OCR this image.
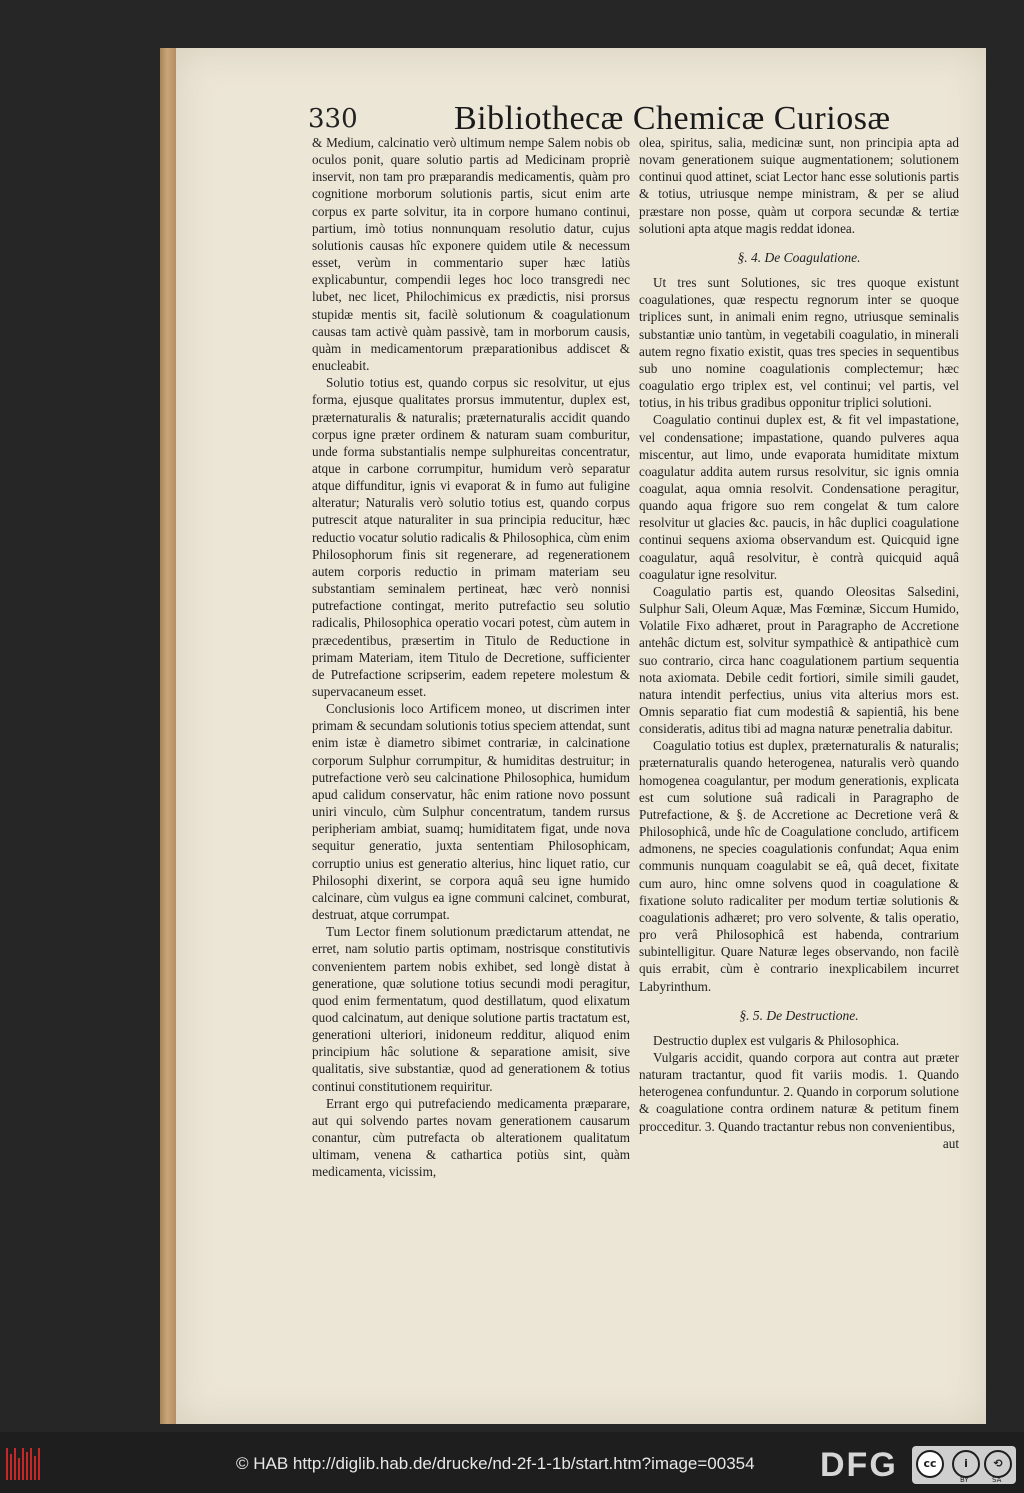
330	Bibliothecæ Chemicæ Curiosæ

& Medium, calcinatio verò ultimum nempe Salem nobis ob oculos ponit, quare solutio partis ad Medicinam propriè inservit, non tam pro præparandis medicamentis, quàm pro cognitione morborum solutionis partis, sicut enim arte corpus ex parte solvitur, ita in corpore humano continui, partium, imò totius nonnunquam resolutio datur, cujus solutionis causas hîc exponere quidem utile & necessum esset, verùm in commentario super hæc latiùs explicabuntur, compendii leges hoc loco transgredi nec lubet, nec licet, Philochimicus ex prædictis, nisi prorsus stupidæ mentis sit, facilè solutionum & coagulationum causas tam activè quàm passivè, tam in morborum causis, quàm in medicamentorum præparationibus addiscet & enucleabit.

Solutio totius est, quando corpus sic resolvitur, ut ejus forma, ejusque qualitates prorsus immutentur, duplex est, præternaturalis & naturalis; præternaturalis accidit quando corpus igne præter ordinem & naturam suam comburitur, unde forma substantialis nempe sulphureitas concentratur, atque in carbone corrumpitur, humidum verò separatur atque diffunditur, ignis vi evaporat & in fumo aut fuligine alteratur; Naturalis verò solutio totius est, quando corpus putrescit atque naturaliter in sua principia reducitur, hæc reductio vocatur solutio radicalis & Philosophica, cùm enim Philosophorum finis sit regenerare, ad regenerationem autem corporis reductio in primam materiam seu substantiam seminalem pertineat, hæc verò nonnisi putrefactione contingat, merito putrefactio seu solutio radicalis, Philosophica operatio vocari potest, cùm autem in præcedentibus, præsertim in Titulo de Reductione in primam Materiam, item Titulo de Decretione, sufficienter de Putrefactione scripserim, eadem repetere molestum & supervacaneum esset.

Conclusionis loco Artificem moneo, ut discrimen inter primam & secundam solutionis totius speciem attendat, sunt enim istæ è diametro sibimet contrariæ, in calcinatione corporum Sulphur corrumpitur, & humiditas destruitur; in putrefactione verò seu calcinatione Philosophica, humidum apud calidum conservatur, hâc enim ratione novo possunt uniri vinculo, cùm Sulphur concentratum, tandem rursus peripheriam ambiat, suamq; humiditatem figat, unde nova sequitur generatio, juxta sententiam Philosophicam, corruptio unius est generatio alterius, hinc liquet ratio, cur Philosophi dixerint, se corpora aquâ seu igne humido calcinare, cùm vulgus ea igne communi calcinet, comburat, destruat, atque corrumpat.

Tum Lector finem solutionum prædictarum attendat, ne erret, nam solutio partis optimam, nostrisque constitutivis convenientem partem nobis exhibet, sed longè distat à generatione, quæ solutione totius secundi modi peragitur, quod enim fermentatum, quod destillatum, quod elixatum quod calcinatum, aut denique solutione partis tractatum est, generationi ulteriori, inidoneum redditur, aliquod enim principium hâc solutione & separatione amisit, sive qualitatis, sive substantiæ, quod ad generationem & totius continui constitutionem requiritur.

Errant ergo qui putrefaciendo medicamenta præparare, aut qui solvendo partes novam generationem causarum conantur, cùm putrefacta ob alterationem qualitatum ultimam, venena & cathartica potiùs sint, quàm medicamenta, vicissim,

olea, spiritus, salia, medicinæ sunt, non principia apta ad novam generationem suique augmentationem; solutionem continui quod attinet, sciat Lector hanc esse solutionis partis & totius, utriusque nempe ministram, & per se aliud præstare non posse, quàm ut corpora secundæ & tertiæ solutioni apta atque magis reddat idonea.

§. 4. De Coagulatione.

Ut tres sunt Solutiones, sic tres quoque existunt coagulationes, quæ respectu regnorum inter se quoque triplices sunt, in animali enim regno, utriusque seminalis substantiæ unio tantùm, in vegetabili coagulatio, in minerali autem regno fixatio existit, quas tres species in sequentibus sub uno nomine coagulationis complectemur; hæc coagulatio ergo triplex est, vel continui; vel partis, vel totius, in his tribus gradibus opponitur triplici solutioni.

Coagulatio continui duplex est, & fit vel impastatione, vel condensatione; impastatione, quando pulveres aqua miscentur, aut limo, unde evaporata humiditate mixtum coagulatur addita autem rursus resolvitur, sic ignis omnia coagulat, aqua omnia resolvit. Condensatione peragitur, quando aqua frigore suo rem congelat & tum calore resolvitur ut glacies &c. paucis, in hâc duplici coagulatione continui sequens axioma observandum est. Quicquid igne coagulatur, aquâ resolvitur, è contrà quicquid aquâ coagulatur igne resolvitur.

Coagulatio partis est, quando Oleositas Salsedini, Sulphur Sali, Oleum Aquæ, Mas Fœminæ, Siccum Humido, Volatile Fixo adhæret, prout in Paragrapho de Accretione antehâc dictum est, solvitur sympathicè & antipathicè cum suo contrario, circa hanc coagulationem partium sequentia nota axiomata. Debile cedit fortiori, simile simili gaudet, natura intendit perfectius, unius vita alterius mors est. Omnis separatio fiat cum modestiâ & sapientiâ, his bene consideratis, aditus tibi ad magna naturæ penetralia dabitur.

Coagulatio totius est duplex, præternaturalis & naturalis; præternaturalis quando heterogenea, naturalis verò quando homogenea coagulantur, per modum generationis, explicata est cum solutione suâ radicali in Paragrapho de Putrefactione, & §. de Accretione ac Decretione verâ & Philosophicâ, unde hîc de Coagulatione concludo, artificem admonens, ne species coagulationis confundat; Aqua enim communis nunquam coagulabit se eâ, quâ decet, fixitate cum auro, hinc omne solvens quod in coagulatione & fixatione soluto radicaliter per modum tertiæ solutionis & coagulationis adhæret; pro vero solvente, & talis operatio, pro verâ Philosophicâ est habenda, contrarium subintelligitur. Quare Naturæ leges observando, non facilè quis errabit, cùm è contrario inexplicabilem incurret Labyrinthum.

§. 5. De Destructione.

Destructio duplex est vulgaris & Philosophica.

Vulgaris accidit, quando corpora aut contra aut præter naturam tractantur, quod fit variis modis. 1. Quando heterogenea confunduntur. 2. Quando in corporum solutione & coagulatione contra ordinem naturæ & petitum finem procceditur. 3. Quando tractantur rebus non convenientibus,

aut

© HAB http://diglib.hab.de/drucke/nd-2f-1-1b/start.htm?image=00354 DFG	cc	i	⟲
BY	SA
